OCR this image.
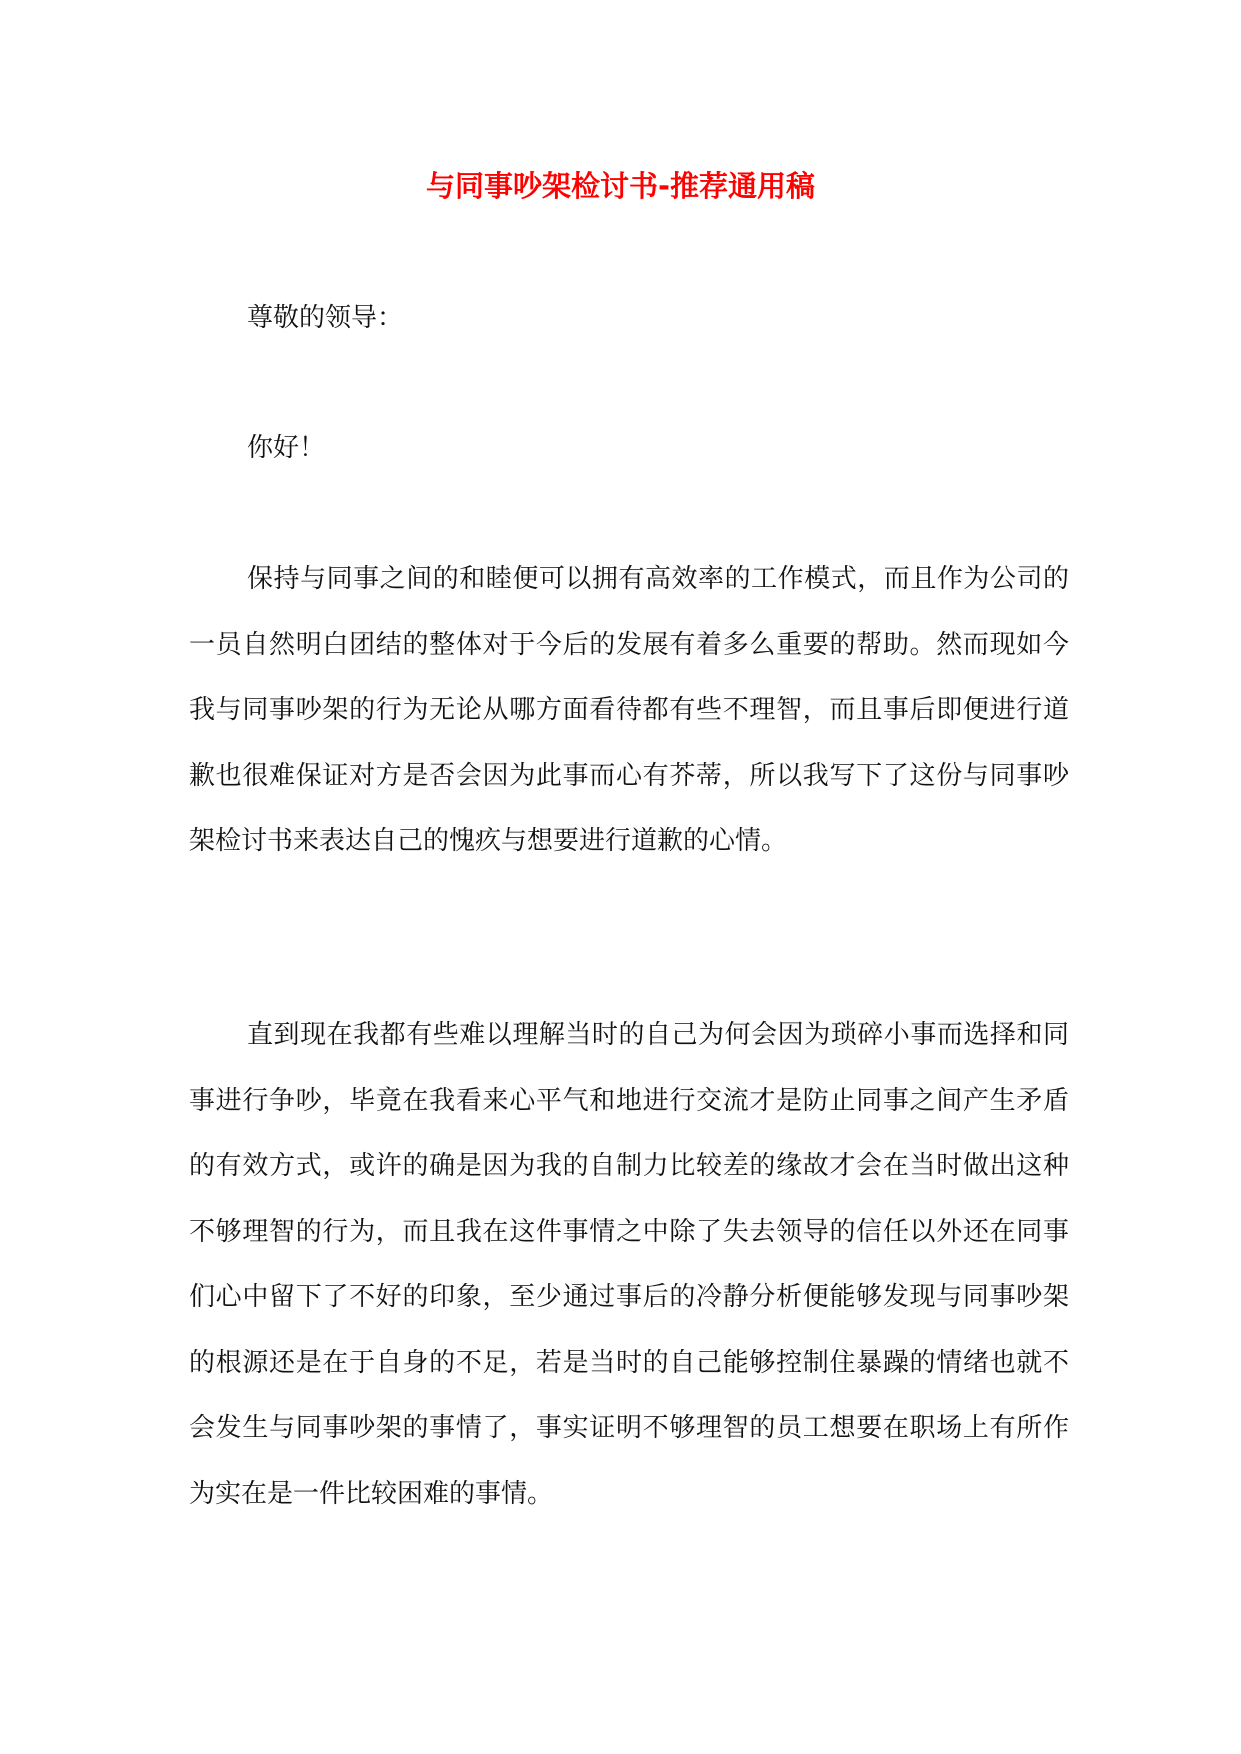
与同事吵架检讨书-推荐通用稿

尊敬的领导：

你好！

保持与同事之间的和睦便可以拥有高效率的工作模式，而且作为公司的一员自然明白团结的整体对于今后的发展有着多么重要的帮助。然而现如今我与同事吵架的行为无论从哪方面看待都有些不理智，而且事后即便进行道歉也很难保证对方是否会因为此事而心有芥蒂，所以我写下了这份与同事吵架检讨书来表达自己的愧疚与想要进行道歉的心情。

直到现在我都有些难以理解当时的自己为何会因为琐碎小事而选择和同事进行争吵，毕竟在我看来心平气和地进行交流才是防止同事之间产生矛盾的有效方式，或许的确是因为我的自制力比较差的缘故才会在当时做出这种不够理智的行为，而且我在这件事情之中除了失去领导的信任以外还在同事们心中留下了不好的印象，至少通过事后的冷静分析便能够发现与同事吵架的根源还是在于自身的不足，若是当时的自己能够控制住暴躁的情绪也就不会发生与同事吵架的事情了，事实证明不够理智的员工想要在职场上有所作为实在是一件比较困难的事情。
